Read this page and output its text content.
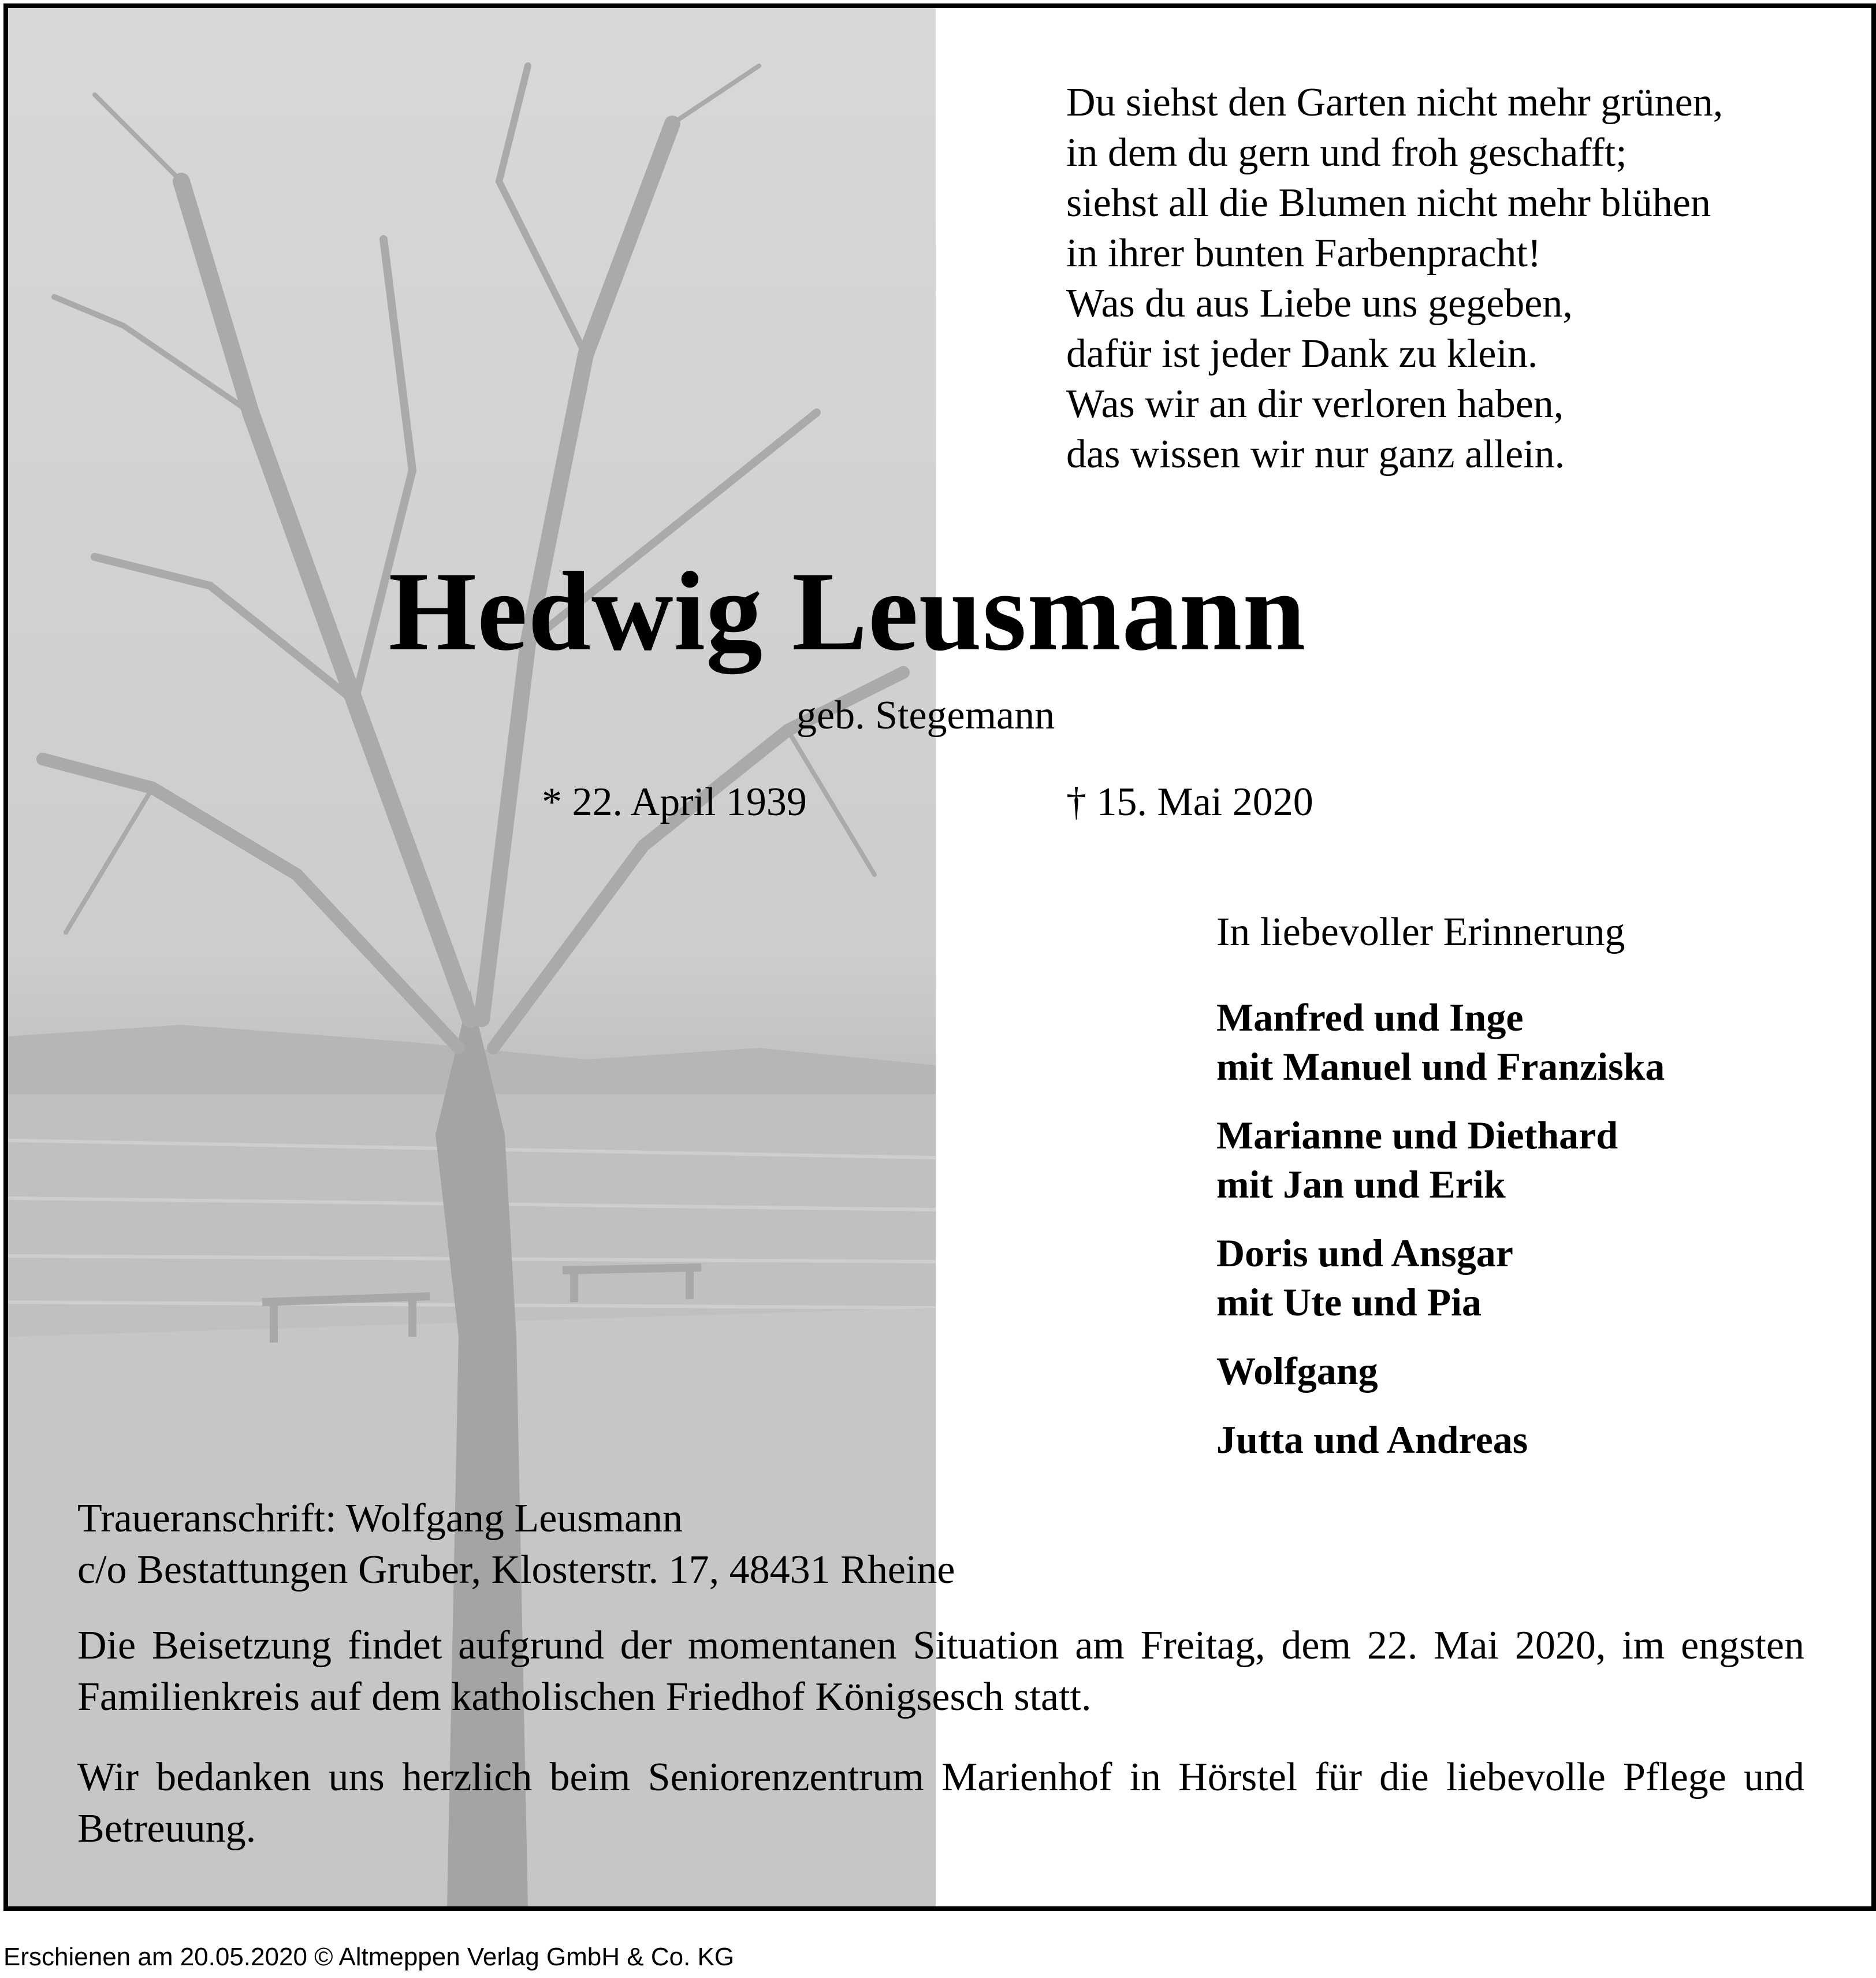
Du siehst den Garten nicht mehr grünen,
in dem du gern und froh geschafft;
siehst all die Blumen nicht mehr blühen
in ihrer bunten Farbenpracht!
Was du aus Liebe uns gegeben,
dafür ist jeder Dank zu klein.
Was wir an dir verloren haben,
das wissen wir nur ganz allein.
Hedwig Leusmann
geb. Stegemann
* 22. April 1939	† 15. Mai 2020
In liebevoller Erinnerung
Manfred und Inge
mit Manuel und Franziska
Marianne und Diethard
mit Jan und Erik
Doris und Ansgar
mit Ute und Pia
Wolfgang
Jutta und Andreas
Traueranschrift: Wolfgang Leusmann
c/o Bestattungen Gruber, Klosterstr. 17, 48431 Rheine
Die Beisetzung findet aufgrund der momentanen Situation am Freitag, dem 22. Mai 2020, im engsten Familienkreis auf dem katholischen Friedhof Königsesch statt.
Wir bedanken uns herzlich beim Seniorenzentrum Marienhof in Hörstel für die liebevolle Pflege und Betreuung.
Erschienen am 20.05.2020 © Altmeppen Verlag GmbH & Co. KG
